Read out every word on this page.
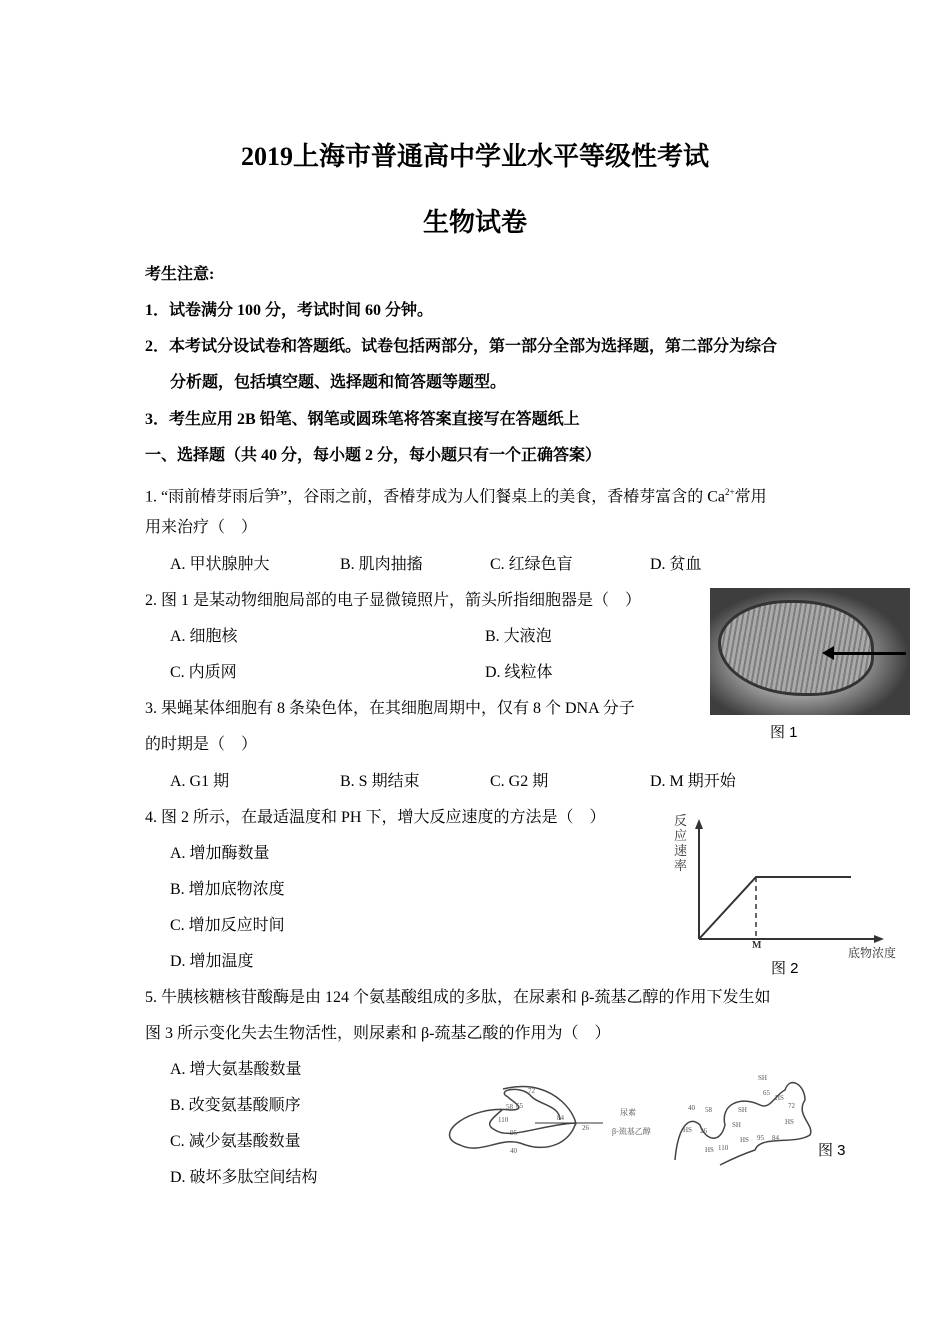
2019上海市普通高中学业水平等级性考试
生物试卷
考生注意:
1．试卷满分 100 分，考试时间 60 分钟。
2．本考试分设试卷和答题纸。试卷包括两部分，第一部分全部为选择题，第二部分为综合
分析题，包括填空题、选择题和简答题等题型。
3．考生应用 2B 铅笔、钢笔或圆珠笔将答案直接写在答题纸上
一、选择题（共 40 分，每小题 2 分，每小题只有一个正确答案）
1. “雨前椿芽雨后笋”，谷雨之前，香椿芽成为人们餐桌上的美食，香椿芽富含的 $Ca^{2+}$常用
用来治疗（　）
A. 甲状腺肿大	B. 肌肉抽搐	C. 红绿色盲	D. 贫血
2. 图 1 是某动物细胞局部的电子显微镜照片，箭头所指细胞器是（　）
A. 细胞核	B. 大液泡
C. 内质网	D. 线粒体
图 1
3. 果蝇某体细胞有 8 条染色体，在其细胞周期中，仅有 8 个 DNA 分子
的时期是（　）
A. G1 期	B. S 期结束	C. G2 期	D. M 期开始
4. 图 2 所示，在最适温度和 PH 下，增大反应速度的方法是（　）
A. 增加酶数量
B. 增加底物浓度
C. 增加反应时间
D. 增加温度
反应速率
M
底物浓度
图 2
5. 牛胰核糖核苷酸酶是由 124 个氨基酸组成的多肽，在尿素和 β-巯基乙醇的作用下发生如
图 3 所示变化失去生物活性，则尿素和 β-巯基乙酸的作用为（　）
A. 增大氨基酸数量
B. 改变氨基酸顺序
C. 减少氨基酸数量
D. 破坏多肽空间结构
72
65
58
110	84
95
40
26
SH
65
HS
72
HS
40 58	SH
SH
HS 26
84
95
HS
HS 110
尿素
β-巯基乙醇
图 3
